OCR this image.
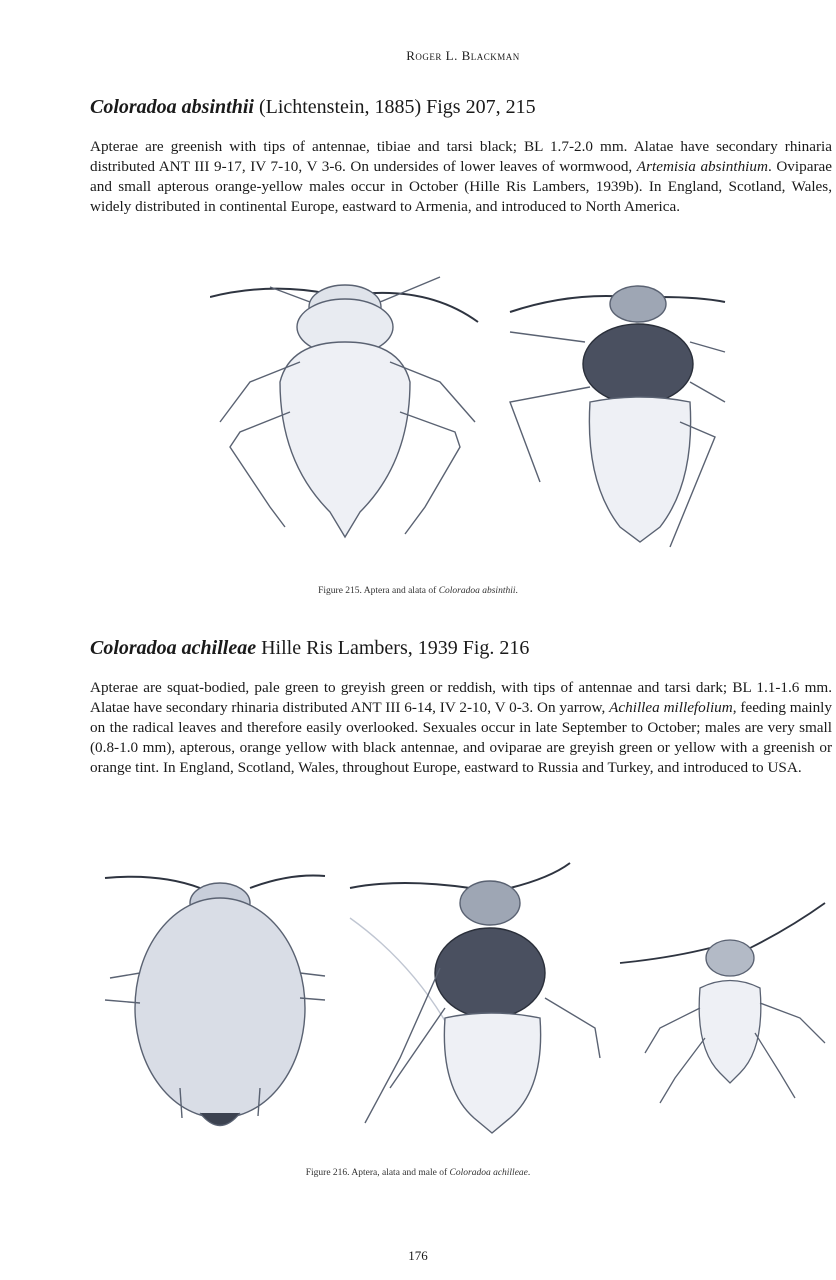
Roger L. Blackman
Coloradoa absinthii (Lichtenstein, 1885) Figs 207, 215
Apterae are greenish with tips of antennae, tibiae and tarsi black; BL 1.7-2.0 mm. Alatae have secondary rhinaria distributed ANT III 9-17, IV 7-10, V 3-6. On undersides of lower leaves of wormwood, Artemisia absinthium. Oviparae and small apterous orange-yellow males occur in October (Hille Ris Lambers, 1939b). In England, Scotland, Wales, widely distributed in continental Europe, eastward to Armenia, and introduced to North America.
Figure 215. Aptera and alata of Coloradoa absinthii.
Coloradoa achilleae Hille Ris Lambers, 1939 Fig. 216
Apterae are squat-bodied, pale green to greyish green or reddish, with tips of antennae and tarsi dark; BL 1.1-1.6 mm. Alatae have secondary rhinaria distributed ANT III 6-14, IV 2-10, V 0-3. On yarrow, Achillea millefolium, feeding mainly on the radical leaves and therefore easily overlooked. Sexuales occur in late September to October; males are very small (0.8-1.0 mm), apterous, orange yellow with black antennae, and oviparae are greyish green or yellow with a greenish or orange tint. In England, Scotland, Wales, throughout Europe, eastward to Russia and Turkey, and introduced to USA.
Figure 216. Aptera, alata and male of Coloradoa achilleae.
176
